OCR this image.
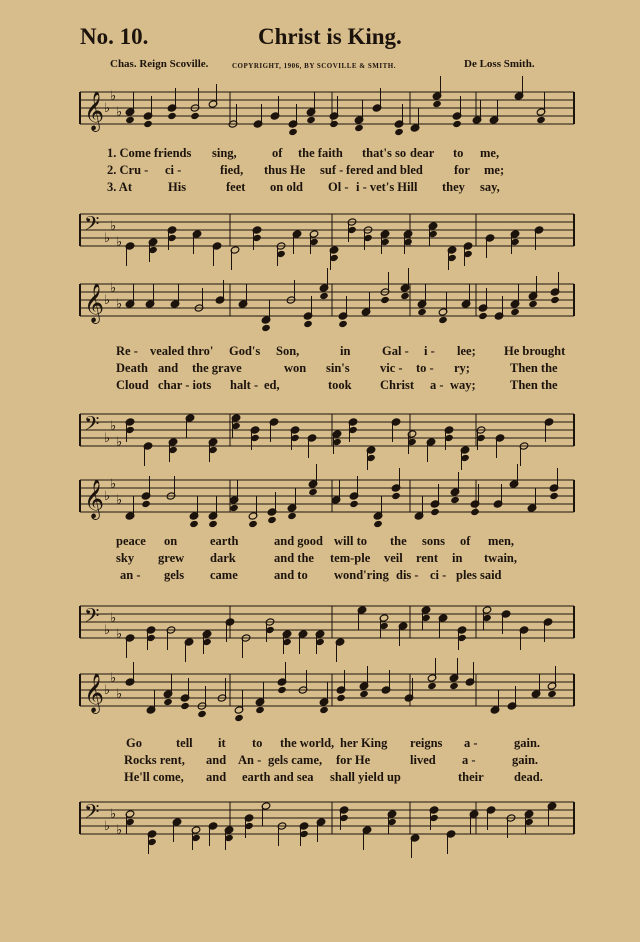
No. 10.	Christ is King.
Chas. Reign Scoville.	COPYRIGHT, 1906, BY SCOVILLE & SMITH.	De Loss Smith.
𝄞 ♭
♭
♭
1. Come friends sing,	of the faith that's so dear to me,
2. Cru - ci -	fied, thus He suf - fered and bled for me;
3. At	His	feet on old Ol - i - vet's Hill they say,
𝄢 ♭
♭
♭
𝄞 ♭
♭
♭
Re - vealed thro' God's Son,	in	Gal - i - lee; He brought
Death and the grave	won sin's vic - to - ry;	Then the
Cloud char - iots halt - ed,	took Christ a - way;	Then the
𝄢 ♭
♭
♭
𝄞 ♭
♭
♭
peace on	earth	and good will to the sons of men,
sky grew dark	and the tem-ple veil rent in twain,
an - gels came	and to wond'ring dis - ci - ples said
𝄢 ♭
♭
♭
𝄞 ♭
♭
♭
Go	tell it to the world, her King reigns a -	gain.
Rocks rent, and An - gels came, for He	lived a -	gain.
He'll come, and earth and sea shall yield up	their dead.
𝄢 ♭
♭
♭
